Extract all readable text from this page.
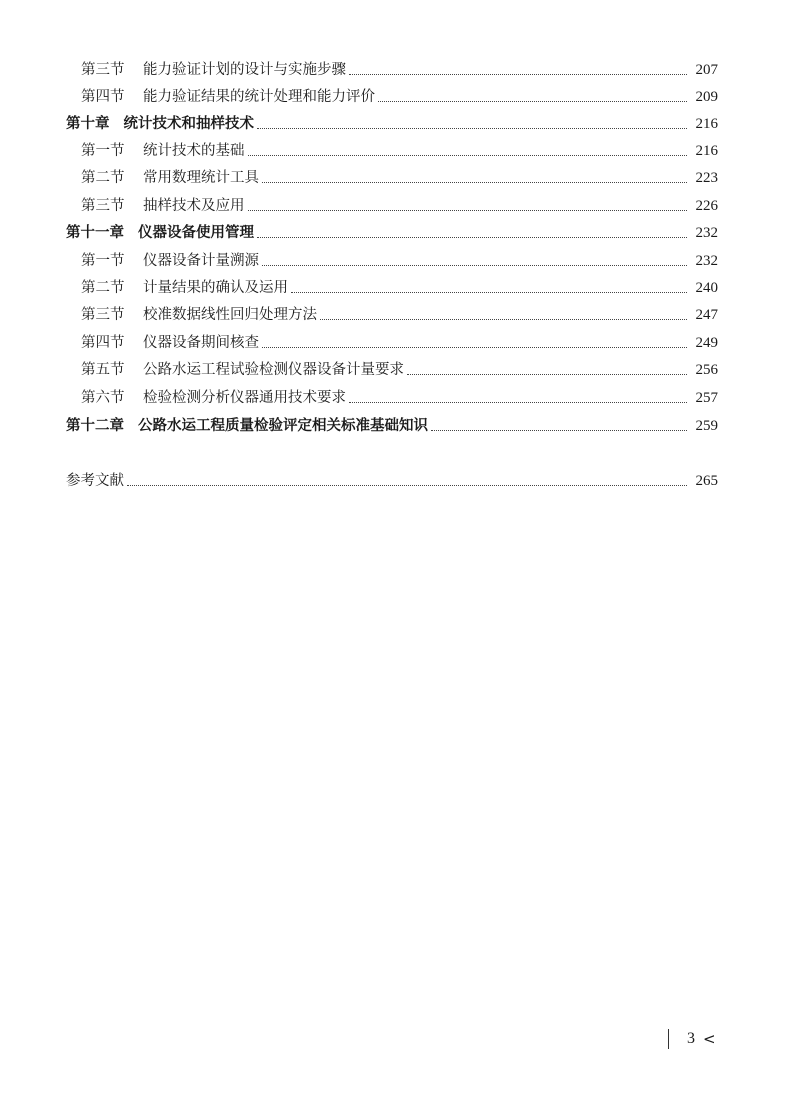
第三节	能力验证计划的设计与实施步骤	207
第四节	能力验证结果的统计处理和能力评价	209
第十章 统计技术和抽样技术	216
第一节	统计技术的基础	216
第二节	常用数理统计工具	223
第三节	抽样技术及应用	226
第十一章 仪器设备使用管理	232
第一节	仪器设备计量溯源	232
第二节	计量结果的确认及运用	240
第三节	校准数据线性回归处理方法	247
第四节	仪器设备期间核查	249
第五节	公路水运工程试验检测仪器设备计量要求	256
第六节	检验检测分析仪器通用技术要求	257
第十二章 公路水运工程质量检验评定相关标准基础知识	259
参考文献	265
3 <
